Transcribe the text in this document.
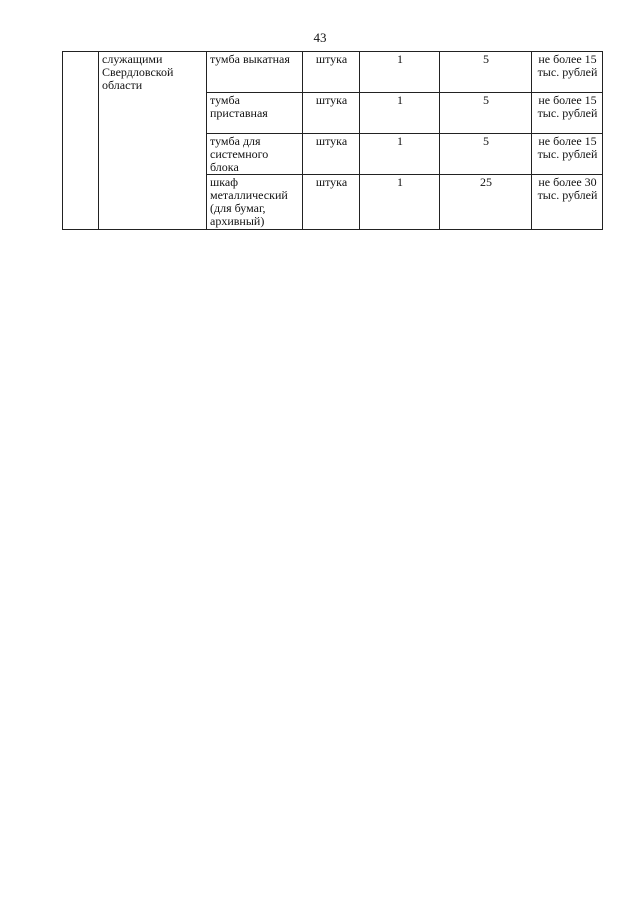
43
	служащими Свердловской области	тумба выкатная	штука	1	5	не более 15 тыс. рублей
		тумба приставная	штука	1	5	не более 15 тыс. рублей
		тумба для системного блока	штука	1	5	не более 15 тыс. рублей
		шкаф металлический (для бумаг, архивный)	штука	1	25	не более 30 тыс. рублей
